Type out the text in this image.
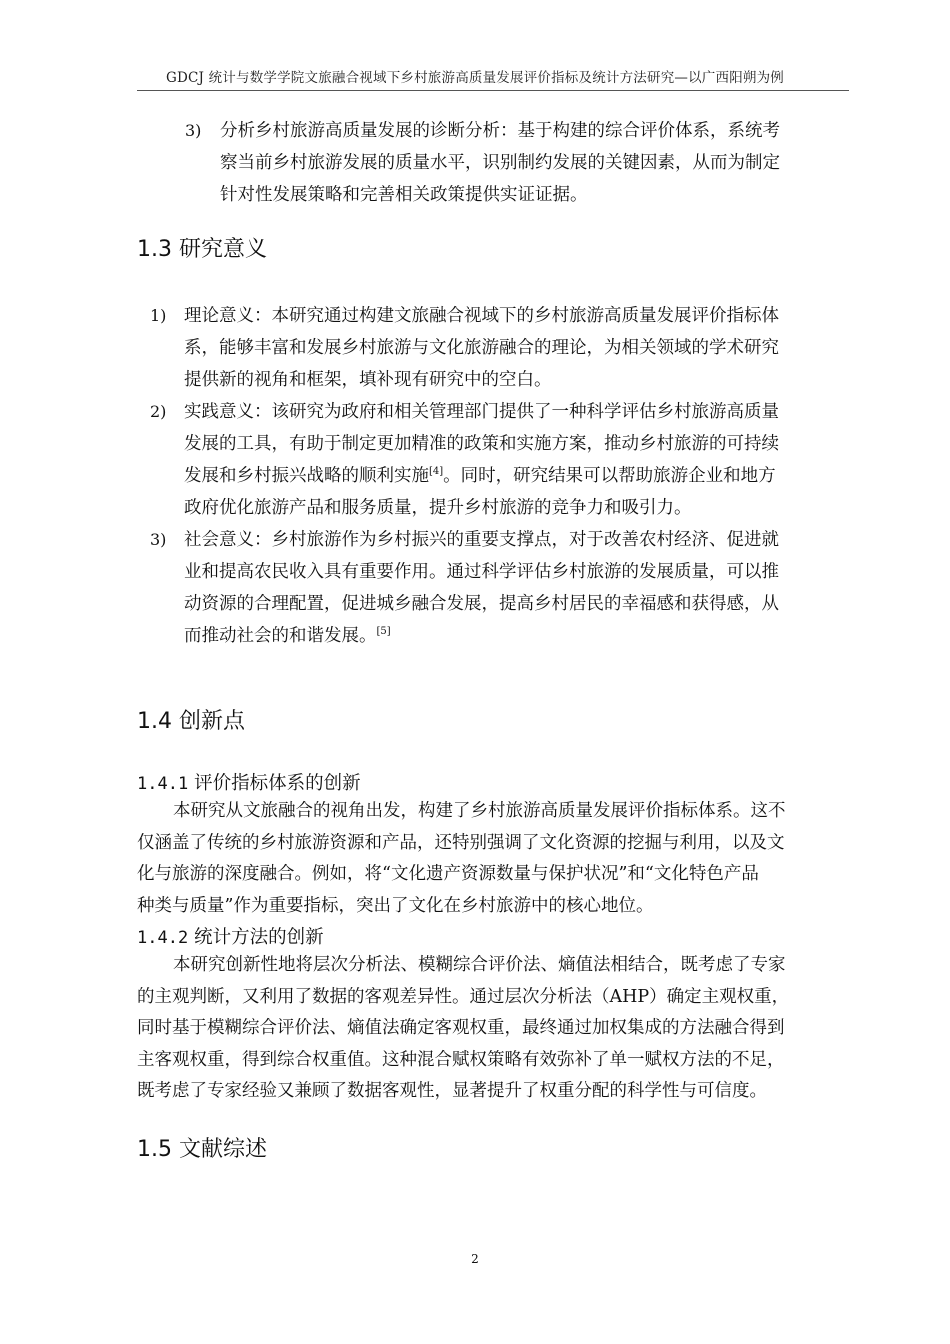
GDCJ 统计与数学学院文旅融合视域下乡村旅游高质量发展评价指标及统计方法研究—以广西阳朔为例
3) 分析乡村旅游高质量发展的诊断分析：基于构建的综合评价体系，系统考
察当前乡村旅游发展的质量水平，识别制约发展的关键因素，从而为制定
针对性发展策略和完善相关政策提供实证证据。
1.3 研究意义
1) 理论意义：本研究通过构建文旅融合视域下的乡村旅游高质量发展评价指标体
系，能够丰富和发展乡村旅游与文化旅游融合的理论，为相关领域的学术研究
提供新的视角和框架，填补现有研究中的空白。
2) 实践意义：该研究为政府和相关管理部门提供了一种科学评估乡村旅游高质量
发展的工具，有助于制定更加精准的政策和实施方案，推动乡村旅游的可持续
发展和乡村振兴战略的顺利实施[4]。同时，研究结果可以帮助旅游企业和地方
政府优化旅游产品和服务质量，提升乡村旅游的竞争力和吸引力。
3) 社会意义：乡村旅游作为乡村振兴的重要支撑点，对于改善农村经济、促进就
业和提高农民收入具有重要作用。通过科学评估乡村旅游的发展质量，可以推
动资源的合理配置，促进城乡融合发展，提高乡村居民的幸福感和获得感，从
而推动社会的和谐发展。[5]
1.4 创新点
1.4.1 评价指标体系的创新
本研究从文旅融合的视角出发，构建了乡村旅游高质量发展评价指标体系。这不
仅涵盖了传统的乡村旅游资源和产品，还特别强调了文化资源的挖掘与利用，以及文
化与旅游的深度融合。例如，将“文化遗产资源数量与保护状况”和“文化特色产品
种类与质量”作为重要指标，突出了文化在乡村旅游中的核心地位。
1.4.2 统计方法的创新
本研究创新性地将层次分析法、模糊综合评价法、熵值法相结合，既考虑了专家
的主观判断，又利用了数据的客观差异性。通过层次分析法（AHP）确定主观权重，
同时基于模糊综合评价法、熵值法确定客观权重，最终通过加权集成的方法融合得到
主客观权重，得到综合权重值。这种混合赋权策略有效弥补了单一赋权方法的不足，
既考虑了专家经验又兼顾了数据客观性，显著提升了权重分配的科学性与可信度。
1.5 文献综述
2
